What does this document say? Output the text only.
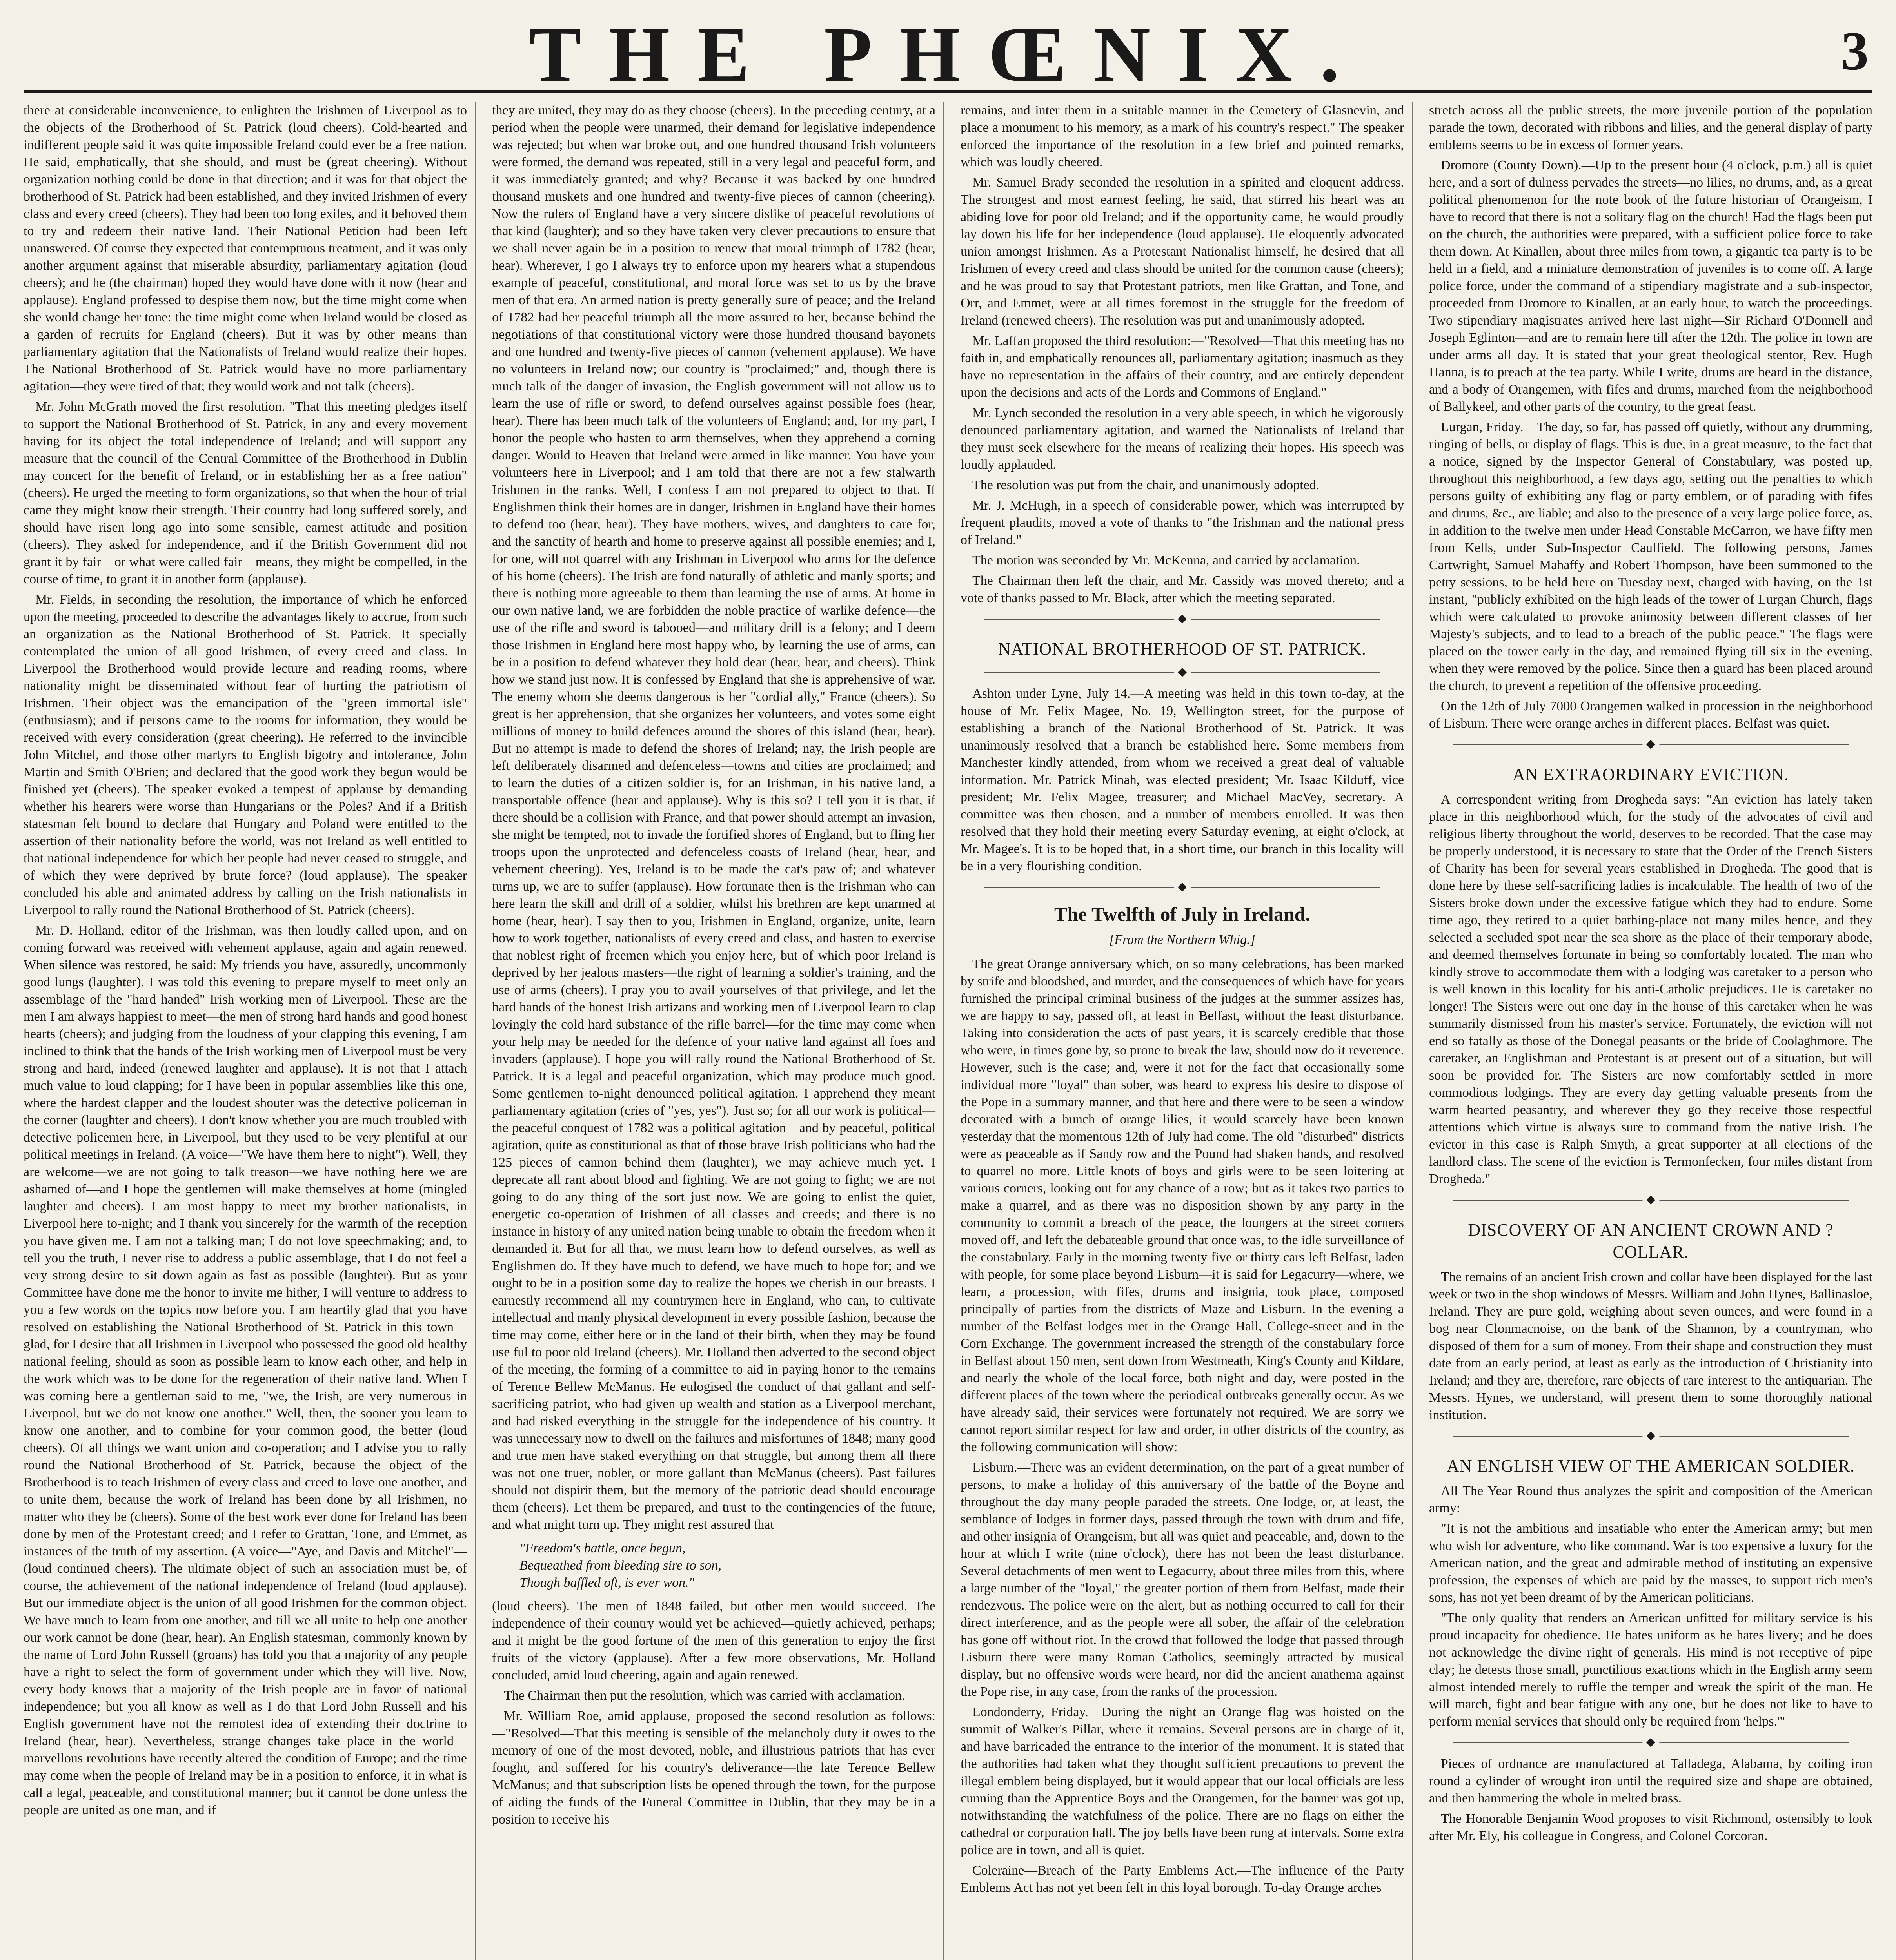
THE PHŒNIX.	3

there at considerable inconvenience, to enlighten the Irishmen of Liverpool as to the objects of the Brotherhood of St. Patrick (loud cheers). Cold-hearted and indifferent people said it was quite impossible Ireland could ever be a free nation. He said, emphatically, that she should, and must be (great cheering). Without organization nothing could be done in that direction; and it was for that object the brotherhood of St. Patrick had been established, and they invited Irishmen of every class and every creed (cheers). They had been too long exiles, and it behoved them to try and redeem their native land. Their National Petition had been left unanswered. Of course they expected that contemptuous treatment, and it was only another argument against that miserable absurdity, parliamentary agitation (loud cheers); and he (the chairman) hoped they would have done with it now (hear and applause). England professed to despise them now, but the time might come when she would change her tone: the time might come when Ireland would be closed as a garden of recruits for England (cheers). But it was by other means than parliamentary agitation that the Nationalists of Ireland would realize their hopes. The National Brotherhood of St. Patrick would have no more parliamentary agitation—they were tired of that; they would work and not talk (cheers).

Mr. John McGrath moved the first resolution. "That this meeting pledges itself to support the National Brotherhood of St. Patrick, in any and every movement having for its object the total independence of Ireland; and will support any measure that the council of the Central Committee of the Brotherhood in Dublin may concert for the benefit of Ireland, or in establishing her as a free nation" (cheers). He urged the meeting to form organizations, so that when the hour of trial came they might know their strength. Their country had long suffered sorely, and should have risen long ago into some sensible, earnest attitude and position (cheers). They asked for independence, and if the British Government did not grant it by fair—or what were called fair—means, they might be compelled, in the course of time, to grant it in another form (applause).

Mr. Fields, in seconding the resolution, the importance of which he enforced upon the meeting, proceeded to describe the advantages likely to accrue, from such an organization as the National Brotherhood of St. Patrick. It specially contemplated the union of all good Irishmen, of every creed and class. In Liverpool the Brotherhood would provide lecture and reading rooms, where nationality might be disseminated without fear of hurting the patriotism of Irishmen. Their object was the emancipation of the "green immortal isle" (enthusiasm); and if persons came to the rooms for information, they would be received with every consideration (great cheering). He referred to the invincible John Mitchel, and those other martyrs to English bigotry and intolerance, John Martin and Smith O'Brien; and declared that the good work they begun would be finished yet (cheers). The speaker evoked a tempest of applause by demanding whether his hearers were worse than Hungarians or the Poles? And if a British statesman felt bound to declare that Hungary and Poland were entitled to the assertion of their nationality before the world, was not Ireland as well entitled to that national independence for which her people had never ceased to struggle, and of which they were deprived by brute force? (loud applause). The speaker concluded his able and animated address by calling on the Irish nationalists in Liverpool to rally round the National Brotherhood of St. Patrick (cheers).

Mr. D. Holland, editor of the Irishman, was then loudly called upon, and on coming forward was received with vehement applause, again and again renewed. When silence was restored, he said: My friends you have, assuredly, uncommonly good lungs (laughter). I was told this evening to prepare myself to meet only an assemblage of the "hard handed" Irish working men of Liverpool. These are the men I am always happiest to meet—the men of strong hard hands and good honest hearts (cheers); and judging from the loudness of your clapping this evening, I am inclined to think that the hands of the Irish working men of Liverpool must be very strong and hard, indeed (renewed laughter and applause). It is not that I attach much value to loud clapping; for I have been in popular assemblies like this one, where the hardest clapper and the loudest shouter was the detective policeman in the corner (laughter and cheers). I don't know whether you are much troubled with detective policemen here, in Liverpool, but they used to be very plentiful at our political meetings in Ireland. (A voice—"We have them here to night"). Well, they are welcome—we are not going to talk treason—we have nothing here we are ashamed of—and I hope the gentlemen will make themselves at home (mingled laughter and cheers). I am most happy to meet my brother nationalists, in Liverpool here to-night; and I thank you sincerely for the warmth of the reception you have given me. I am not a talking man; I do not love speechmaking; and, to tell you the truth, I never rise to address a public assemblage, that I do not feel a very strong desire to sit down again as fast as possible (laughter). But as your Committee have done me the honor to invite me hither, I will venture to address to you a few words on the topics now before you. I am heartily glad that you have resolved on establishing the National Brotherhood of St. Patrick in this town—glad, for I desire that all Irishmen in Liverpool who possessed the good old healthy national feeling, should as soon as possible learn to know each other, and help in the work which was to be done for the regeneration of their native land. When I was coming here a gentleman said to me, "we, the Irish, are very numerous in Liverpool, but we do not know one another." Well, then, the sooner you learn to know one another, and to combine for your common good, the better (loud cheers). Of all things we want union and co-operation; and I advise you to rally round the National Brotherhood of St. Patrick, because the object of the Brotherhood is to teach Irishmen of every class and creed to love one another, and to unite them, because the work of Ireland has been done by all Irishmen, no matter who they be (cheers). Some of the best work ever done for Ireland has been done by men of the Protestant creed; and I refer to Grattan, Tone, and Emmet, as instances of the truth of my assertion. (A voice—"Aye, and Davis and Mitchel"—(loud continued cheers). The ultimate object of such an association must be, of course, the achievement of the national independence of Ireland (loud applause). But our immediate object is the union of all good Irishmen for the common object. We have much to learn from one another, and till we all unite to help one another our work cannot be done (hear, hear). An English statesman, commonly known by the name of Lord John Russell (groans) has told you that a majority of any people have a right to select the form of government under which they will live. Now, every body knows that a majority of the Irish people are in favor of national independence; but you all know as well as I do that Lord John Russell and his English government have not the remotest idea of extending their doctrine to Ireland (hear, hear). Nevertheless, strange changes take place in the world—marvellous revolutions have recently altered the condition of Europe; and the time may come when the people of Ireland may be in a position to enforce, it in what is call a legal, peaceable, and constitutional manner; but it cannot be done unless the people are united as one man, and if

they are united, they may do as they choose (cheers). In the preceding century, at a period when the people were unarmed, their demand for legislative independence was rejected; but when war broke out, and one hundred thousand Irish volunteers were formed, the demand was repeated, still in a very legal and peaceful form, and it was immediately granted; and why? Because it was backed by one hundred thousand muskets and one hundred and twenty-five pieces of cannon (cheering). Now the rulers of England have a very sincere dislike of peaceful revolutions of that kind (laughter); and so they have taken very clever precautions to ensure that we shall never again be in a position to renew that moral triumph of 1782 (hear, hear). Wherever, I go I always try to enforce upon my hearers what a stupendous example of peaceful, constitutional, and moral force was set to us by the brave men of that era. An armed nation is pretty generally sure of peace; and the Ireland of 1782 had her peaceful triumph all the more assured to her, because behind the negotiations of that constitutional victory were those hundred thousand bayonets and one hundred and twenty-five pieces of cannon (vehement applause). We have no volunteers in Ireland now; our country is "proclaimed;" and, though there is much talk of the danger of invasion, the English government will not allow us to learn the use of rifle or sword, to defend ourselves against possible foes (hear, hear). There has been much talk of the volunteers of England; and, for my part, I honor the people who hasten to arm themselves, when they apprehend a coming danger. Would to Heaven that Ireland were armed in like manner. You have your volunteers here in Liverpool; and I am told that there are not a few stalwarth Irishmen in the ranks. Well, I confess I am not prepared to object to that. If Englishmen think their homes are in danger, Irishmen in England have their homes to defend too (hear, hear). They have mothers, wives, and daughters to care for, and the sanctity of hearth and home to preserve against all possible enemies; and I, for one, will not quarrel with any Irishman in Liverpool who arms for the defence of his home (cheers). The Irish are fond naturally of athletic and manly sports; and there is nothing more agreeable to them than learning the use of arms. At home in our own native land, we are forbidden the noble practice of warlike defence—the use of the rifle and sword is tabooed—and military drill is a felony; and I deem those Irishmen in England here most happy who, by learning the use of arms, can be in a position to defend whatever they hold dear (hear, hear, and cheers). Think how we stand just now. It is confessed by England that she is apprehensive of war. The enemy whom she deems dangerous is her "cordial ally," France (cheers). So great is her apprehension, that she organizes her volunteers, and votes some eight millions of money to build defences around the shores of this island (hear, hear). But no attempt is made to defend the shores of Ireland; nay, the Irish people are left deliberately disarmed and defenceless—towns and cities are proclaimed; and to learn the duties of a citizen soldier is, for an Irishman, in his native land, a transportable offence (hear and applause). Why is this so? I tell you it is that, if there should be a collision with France, and that power should attempt an invasion, she might be tempted, not to invade the fortified shores of England, but to fling her troops upon the unprotected and defenceless coasts of Ireland (hear, hear, and vehement cheering). Yes, Ireland is to be made the cat's paw of; and whatever turns up, we are to suffer (applause). How fortunate then is the Irishman who can here learn the skill and drill of a soldier, whilst his brethren are kept unarmed at home (hear, hear). I say then to you, Irishmen in England, organize, unite, learn how to work together, nationalists of every creed and class, and hasten to exercise that noblest right of freemen which you enjoy here, but of which poor Ireland is deprived by her jealous masters—the right of learning a soldier's training, and the use of arms (cheers). I pray you to avail yourselves of that privilege, and let the hard hands of the honest Irish artizans and working men of Liverpool learn to clap lovingly the cold hard substance of the rifle barrel—for the time may come when your help may be needed for the defence of your native land against all foes and invaders (applause). I hope you will rally round the National Brotherhood of St. Patrick. It is a legal and peaceful organization, which may produce much good. Some gentlemen to-night denounced political agitation. I apprehend they meant parliamentary agitation (cries of "yes, yes"). Just so; for all our work is political—the peaceful conquest of 1782 was a political agitation—and by peaceful, political agitation, quite as constitutional as that of those brave Irish politicians who had the 125 pieces of cannon behind them (laughter), we may achieve much yet. I deprecate all rant about blood and fighting. We are not going to fight; we are not going to do any thing of the sort just now. We are going to enlist the quiet, energetic co-operation of Irishmen of all classes and creeds; and there is no instance in history of any united nation being unable to obtain the freedom when it demanded it. But for all that, we must learn how to defend ourselves, as well as Englishmen do. If they have much to defend, we have much to hope for; and we ought to be in a position some day to realize the hopes we cherish in our breasts. I earnestly recommend all my countrymen here in England, who can, to cultivate intellectual and manly physical development in every possible fashion, because the time may come, either here or in the land of their birth, when they may be found use ful to poor old Ireland (cheers). Mr. Holland then adverted to the second object of the meeting, the forming of a committee to aid in paying honor to the remains of Terence Bellew McManus. He eulogised the conduct of that gallant and self-sacrificing patriot, who had given up wealth and station as a Liverpool merchant, and had risked everything in the struggle for the independence of his country. It was unnecessary now to dwell on the failures and misfortunes of 1848; many good and true men have staked everything on that struggle, but among them all there was not one truer, nobler, or more gallant than McManus (cheers). Past failures should not dispirit them, but the memory of the patriotic dead should encourage them (cheers). Let them be prepared, and trust to the contingencies of the future, and what might turn up. They might rest assured that

"Freedom's battle, once begun,
Bequeathed from bleeding sire to son,
Though baffled oft, is ever won."

(loud cheers). The men of 1848 failed, but other men would succeed. The independence of their country would yet be achieved—quietly achieved, perhaps; and it might be the good fortune of the men of this generation to enjoy the first fruits of the victory (applause). After a few more observations, Mr. Holland concluded, amid loud cheering, again and again renewed.

The Chairman then put the resolution, which was carried with acclamation.

Mr. William Roe, amid applause, proposed the second resolution as follows:—"Resolved—That this meeting is sensible of the melancholy duty it owes to the memory of one of the most devoted, noble, and illustrious patriots that has ever fought, and suffered for his country's deliverance—the late Terence Bellew McManus; and that subscription lists be opened through the town, for the purpose of aiding the funds of the Funeral Committee in Dublin, that they may be in a position to receive his

remains, and inter them in a suitable manner in the Cemetery of Glasnevin, and place a monument to his memory, as a mark of his country's respect." The speaker enforced the importance of the resolution in a few brief and pointed remarks, which was loudly cheered.

Mr. Samuel Brady seconded the resolution in a spirited and eloquent address. The strongest and most earnest feeling, he said, that stirred his heart was an abiding love for poor old Ireland; and if the opportunity came, he would proudly lay down his life for her independence (loud applause). He eloquently advocated union amongst Irishmen. As a Protestant Nationalist himself, he desired that all Irishmen of every creed and class should be united for the common cause (cheers); and he was proud to say that Protestant patriots, men like Grattan, and Tone, and Orr, and Emmet, were at all times foremost in the struggle for the freedom of Ireland (renewed cheers). The resolution was put and unanimously adopted.

Mr. Laffan proposed the third resolution:—"Resolved—That this meeting has no faith in, and emphatically renounces all, parliamentary agitation; inasmuch as they have no representation in the affairs of their country, and are entirely dependent upon the decisions and acts of the Lords and Commons of England."

Mr. Lynch seconded the resolution in a very able speech, in which he vigorously denounced parliamentary agitation, and warned the Nationalists of Ireland that they must seek elsewhere for the means of realizing their hopes. His speech was loudly applauded.

The resolution was put from the chair, and unanimously adopted.

Mr. J. McHugh, in a speech of considerable power, which was interrupted by frequent plaudits, moved a vote of thanks to "the Irishman and the national press of Ireland."

The motion was seconded by Mr. McKenna, and carried by acclamation.

The Chairman then left the chair, and Mr. Cassidy was moved thereto; and a vote of thanks passed to Mr. Black, after which the meeting separated.

◆
NATIONAL BROTHERHOOD OF ST. PATRICK.
◆

Ashton under Lyne, July 14.—A meeting was held in this town to-day, at the house of Mr. Felix Magee, No. 19, Wellington street, for the purpose of establishing a branch of the National Brotherhood of St. Patrick. It was unanimously resolved that a branch be established here. Some members from Manchester kindly attended, from whom we received a great deal of valuable information. Mr. Patrick Minah, was elected president; Mr. Isaac Kilduff, vice president; Mr. Felix Magee, treasurer; and Michael MacVey, secretary. A committee was then chosen, and a number of members enrolled. It was then resolved that they hold their meeting every Saturday evening, at eight o'clock, at Mr. Magee's. It is to be hoped that, in a short time, our branch in this locality will be in a very flourishing condition.

◆
The Twelfth of July in Ireland.
[From the Northern Whig.]

The great Orange anniversary which, on so many celebrations, has been marked by strife and bloodshed, and murder, and the consequences of which have for years furnished the principal criminal business of the judges at the summer assizes has, we are happy to say, passed off, at least in Belfast, without the least disturbance. Taking into consideration the acts of past years, it is scarcely credible that those who were, in times gone by, so prone to break the law, should now do it reverence. However, such is the case; and, were it not for the fact that occasionally some individual more "loyal" than sober, was heard to express his desire to dispose of the Pope in a summary manner, and that here and there were to be seen a window decorated with a bunch of orange lilies, it would scarcely have been known yesterday that the momentous 12th of July had come. The old "disturbed" districts were as peaceable as if Sandy row and the Pound had shaken hands, and resolved to quarrel no more. Little knots of boys and girls were to be seen loitering at various corners, looking out for any chance of a row; but as it takes two parties to make a quarrel, and as there was no disposition shown by any party in the community to commit a breach of the peace, the loungers at the street corners moved off, and left the debateable ground that once was, to the idle surveillance of the constabulary. Early in the morning twenty five or thirty cars left Belfast, laden with people, for some place beyond Lisburn—it is said for Legacurry—where, we learn, a procession, with fifes, drums and insignia, took place, composed principally of parties from the districts of Maze and Lisburn. In the evening a number of the Belfast lodges met in the Orange Hall, College-street and in the Corn Exchange. The government increased the strength of the constabulary force in Belfast about 150 men, sent down from Westmeath, King's County and Kildare, and nearly the whole of the local force, both night and day, were posted in the different places of the town where the periodical outbreaks generally occur. As we have already said, their services were fortunately not required. We are sorry we cannot report similar respect for law and order, in other districts of the country, as the following communication will show:—

Lisburn.—There was an evident determination, on the part of a great number of persons, to make a holiday of this anniversary of the battle of the Boyne and throughout the day many people paraded the streets. One lodge, or, at least, the semblance of lodges in former days, passed through the town with drum and fife, and other insignia of Orangeism, but all was quiet and peaceable, and, down to the hour at which I write (nine o'clock), there has not been the least disturbance. Several detachments of men went to Legacurry, about three miles from this, where a large number of the "loyal," the greater portion of them from Belfast, made their rendezvous. The police were on the alert, but as nothing occurred to call for their direct interference, and as the people were all sober, the affair of the celebration has gone off without riot. In the crowd that followed the lodge that passed through Lisburn there were many Roman Catholics, seemingly attracted by musical display, but no offensive words were heard, nor did the ancient anathema against the Pope rise, in any case, from the ranks of the procession.

Londonderry, Friday.—During the night an Orange flag was hoisted on the summit of Walker's Pillar, where it remains. Several persons are in charge of it, and have barricaded the entrance to the interior of the monument. It is stated that the authorities had taken what they thought sufficient precautions to prevent the illegal emblem being displayed, but it would appear that our local officials are less cunning than the Apprentice Boys and the Orangemen, for the banner was got up, notwithstanding the watchfulness of the police. There are no flags on either the cathedral or corporation hall. The joy bells have been rung at intervals. Some extra police are in town, and all is quiet.

Coleraine—Breach of the Party Emblems Act.—The influence of the Party Emblems Act has not yet been felt in this loyal borough. To-day Orange arches

stretch across all the public streets, the more juvenile portion of the population parade the town, decorated with ribbons and lilies, and the general display of party emblems seems to be in excess of former years.

Dromore (County Down).—Up to the present hour (4 o'clock, p.m.) all is quiet here, and a sort of dulness pervades the streets—no lilies, no drums, and, as a great political phenomenon for the note book of the future historian of Orangeism, I have to record that there is not a solitary flag on the church! Had the flags been put on the church, the authorities were prepared, with a sufficient police force to take them down. At Kinallen, about three miles from town, a gigantic tea party is to be held in a field, and a miniature demonstration of juveniles is to come off. A large police force, under the command of a stipendiary magistrate and a sub-inspector, proceeded from Dromore to Kinallen, at an early hour, to watch the proceedings. Two stipendiary magistrates arrived here last night—Sir Richard O'Donnell and Joseph Eglinton—and are to remain here till after the 12th. The police in town are under arms all day. It is stated that your great theological stentor, Rev. Hugh Hanna, is to preach at the tea party. While I write, drums are heard in the distance, and a body of Orangemen, with fifes and drums, marched from the neighborhood of Ballykeel, and other parts of the country, to the great feast.

Lurgan, Friday.—The day, so far, has passed off quietly, without any drumming, ringing of bells, or display of flags. This is due, in a great measure, to the fact that a notice, signed by the Inspector General of Constabulary, was posted up, throughout this neighborhood, a few days ago, setting out the penalties to which persons guilty of exhibiting any flag or party emblem, or of parading with fifes and drums, &c., are liable; and also to the presence of a very large police force, as, in addition to the twelve men under Head Constable McCarron, we have fifty men from Kells, under Sub-Inspector Caulfield. The following persons, James Cartwright, Samuel Mahaffy and Robert Thompson, have been summoned to the petty sessions, to be held here on Tuesday next, charged with having, on the 1st instant, "publicly exhibited on the high leads of the tower of Lurgan Church, flags which were calculated to provoke animosity between different classes of her Majesty's subjects, and to lead to a breach of the public peace." The flags were placed on the tower early in the day, and remained flying till six in the evening, when they were removed by the police. Since then a guard has been placed around the church, to prevent a repetition of the offensive proceeding.

On the 12th of July 7000 Orangemen walked in procession in the neighborhood of Lisburn. There were orange arches in different places. Belfast was quiet.

◆
AN EXTRAORDINARY EVICTION.

A correspondent writing from Drogheda says: "An eviction has lately taken place in this neighborhood which, for the study of the advocates of civil and religious liberty throughout the world, deserves to be recorded. That the case may be properly understood, it is necessary to state that the Order of the French Sisters of Charity has been for several years established in Drogheda. The good that is done here by these self-sacrificing ladies is incalculable. The health of two of the Sisters broke down under the excessive fatigue which they had to endure. Some time ago, they retired to a quiet bathing-place not many miles hence, and they selected a secluded spot near the sea shore as the place of their temporary abode, and deemed themselves fortunate in being so comfortably located. The man who kindly strove to accommodate them with a lodging was caretaker to a person who is well known in this locality for his anti-Catholic prejudices. He is caretaker no longer! The Sisters were out one day in the house of this caretaker when he was summarily dismissed from his master's service. Fortunately, the eviction will not end so fatally as those of the Donegal peasants or the bride of Coolaghmore. The caretaker, an Englishman and Protestant is at present out of a situation, but will soon be provided for. The Sisters are now comfortably settled in more commodious lodgings. They are every day getting valuable presents from the warm hearted peasantry, and wherever they go they receive those respectful attentions which virtue is always sure to command from the native Irish. The evictor in this case is Ralph Smyth, a great supporter at all elections of the landlord class. The scene of the eviction is Termonfecken, four miles distant from Drogheda."

◆
DISCOVERY OF AN ANCIENT CROWN AND ? COLLAR.

The remains of an ancient Irish crown and collar have been displayed for the last week or two in the shop windows of Messrs. William and John Hynes, Ballinasloe, Ireland. They are pure gold, weighing about seven ounces, and were found in a bog near Clonmacnoise, on the bank of the Shannon, by a countryman, who disposed of them for a sum of money. From their shape and construction they must date from an early period, at least as early as the introduction of Christianity into Ireland; and they are, therefore, rare objects of rare interest to the antiquarian. The Messrs. Hynes, we understand, will present them to some thoroughly national institution.

◆
AN ENGLISH VIEW OF THE AMERICAN SOLDIER.

All The Year Round thus analyzes the spirit and composition of the American army:

"It is not the ambitious and insatiable who enter the American army; but men who wish for adventure, who like command. War is too expensive a luxury for the American nation, and the great and admirable method of instituting an expensive profession, the expenses of which are paid by the masses, to support rich men's sons, has not yet been dreamt of by the American politicians.

"The only quality that renders an American unfitted for military service is his proud incapacity for obedience. He hates uniform as he hates livery; and he does not acknowledge the divine right of generals. His mind is not receptive of pipe clay; he detests those small, punctilious exactions which in the English army seem almost intended merely to ruffle the temper and wreak the spirit of the man. He will march, fight and bear fatigue with any one, but he does not like to have to perform menial services that should only be required from 'helps.'"

◆

Pieces of ordnance are manufactured at Talladega, Alabama, by coiling iron round a cylinder of wrought iron until the required size and shape are obtained, and then hammering the whole in melted brass.

The Honorable Benjamin Wood proposes to visit Richmond, ostensibly to look after Mr. Ely, his colleague in Congress, and Colonel Corcoran.
